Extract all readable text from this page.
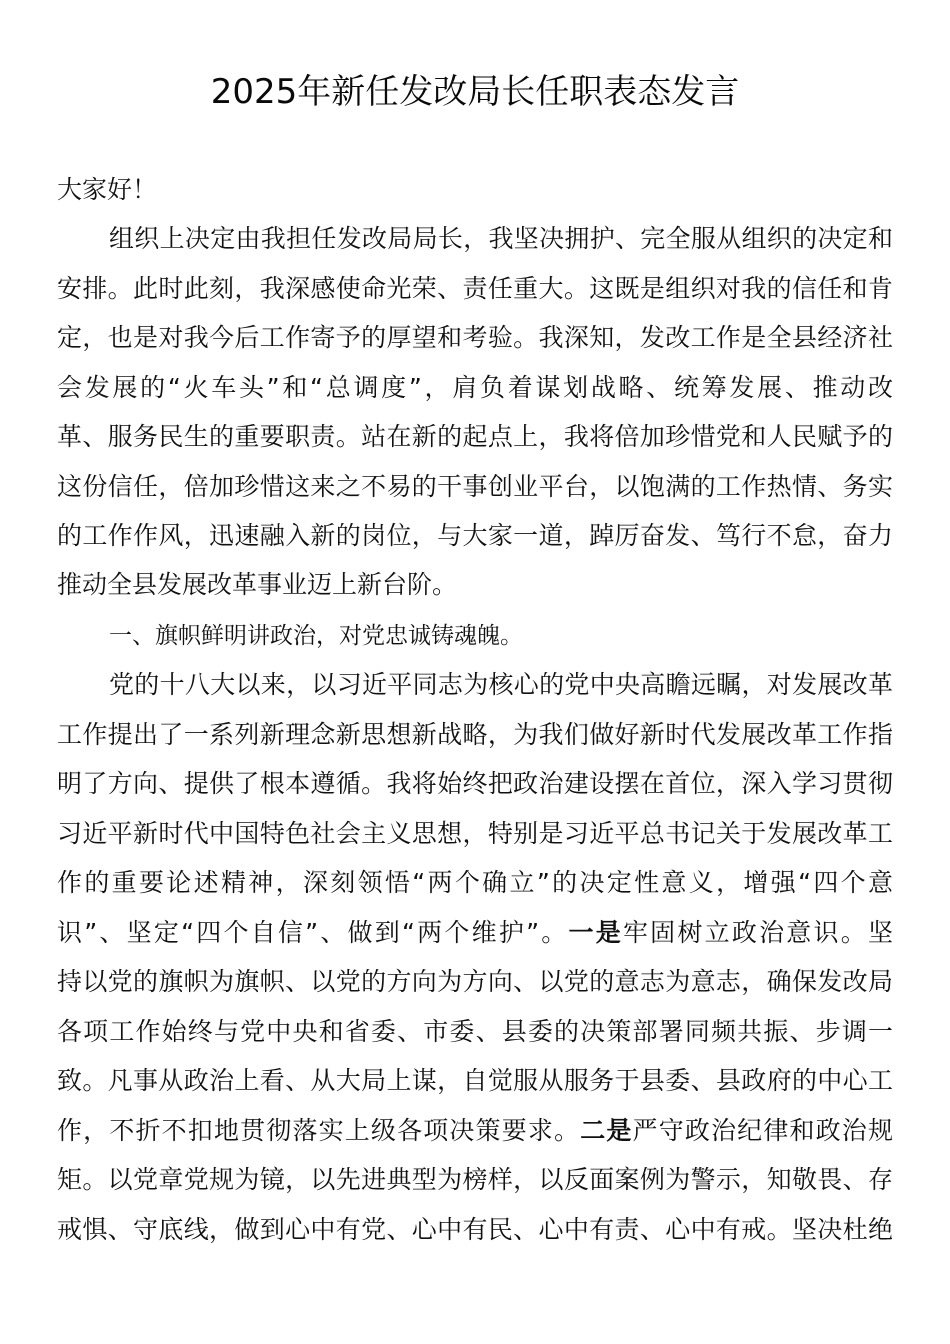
2025年新任发改局长任职表态发言
大家好！
组织上决定由我担任发改局局长，我坚决拥护、完全服从组织的决定和
安排。此时此刻，我深感使命光荣、责任重大。这既是组织对我的信任和肯
定，也是对我今后工作寄予的厚望和考验。我深知，发改工作是全县经济社
会发展的“火车头”和“总调度”，肩负着谋划战略、统筹发展、推动改
革、服务民生的重要职责。站在新的起点上，我将倍加珍惜党和人民赋予的
这份信任，倍加珍惜这来之不易的干事创业平台，以饱满的工作热情、务实
的工作作风，迅速融入新的岗位，与大家一道，踔厉奋发、笃行不怠，奋力
推动全县发展改革事业迈上新台阶。
一、旗帜鲜明讲政治，对党忠诚铸魂魄。
党的十八大以来，以习近平同志为核心的党中央高瞻远瞩，对发展改革
工作提出了一系列新理念新思想新战略，为我们做好新时代发展改革工作指
明了方向、提供了根本遵循。我将始终把政治建设摆在首位，深入学习贯彻
习近平新时代中国特色社会主义思想，特别是习近平总书记关于发展改革工
作的重要论述精神，深刻领悟“两个确立”的决定性意义，增强“四个意
识”、坚定“四个自信”、做到“两个维护”。一是牢固树立政治意识。坚
持以党的旗帜为旗帜、以党的方向为方向、以党的意志为意志，确保发改局
各项工作始终与党中央和省委、市委、县委的决策部署同频共振、步调一
致。凡事从政治上看、从大局上谋，自觉服从服务于县委、县政府的中心工
作，不折不扣地贯彻落实上级各项决策要求。二是严守政治纪律和政治规
矩。以党章党规为镜，以先进典型为榜样，以反面案例为警示，知敬畏、存
戒惧、守底线，做到心中有党、心中有民、心中有责、心中有戒。坚决杜绝
